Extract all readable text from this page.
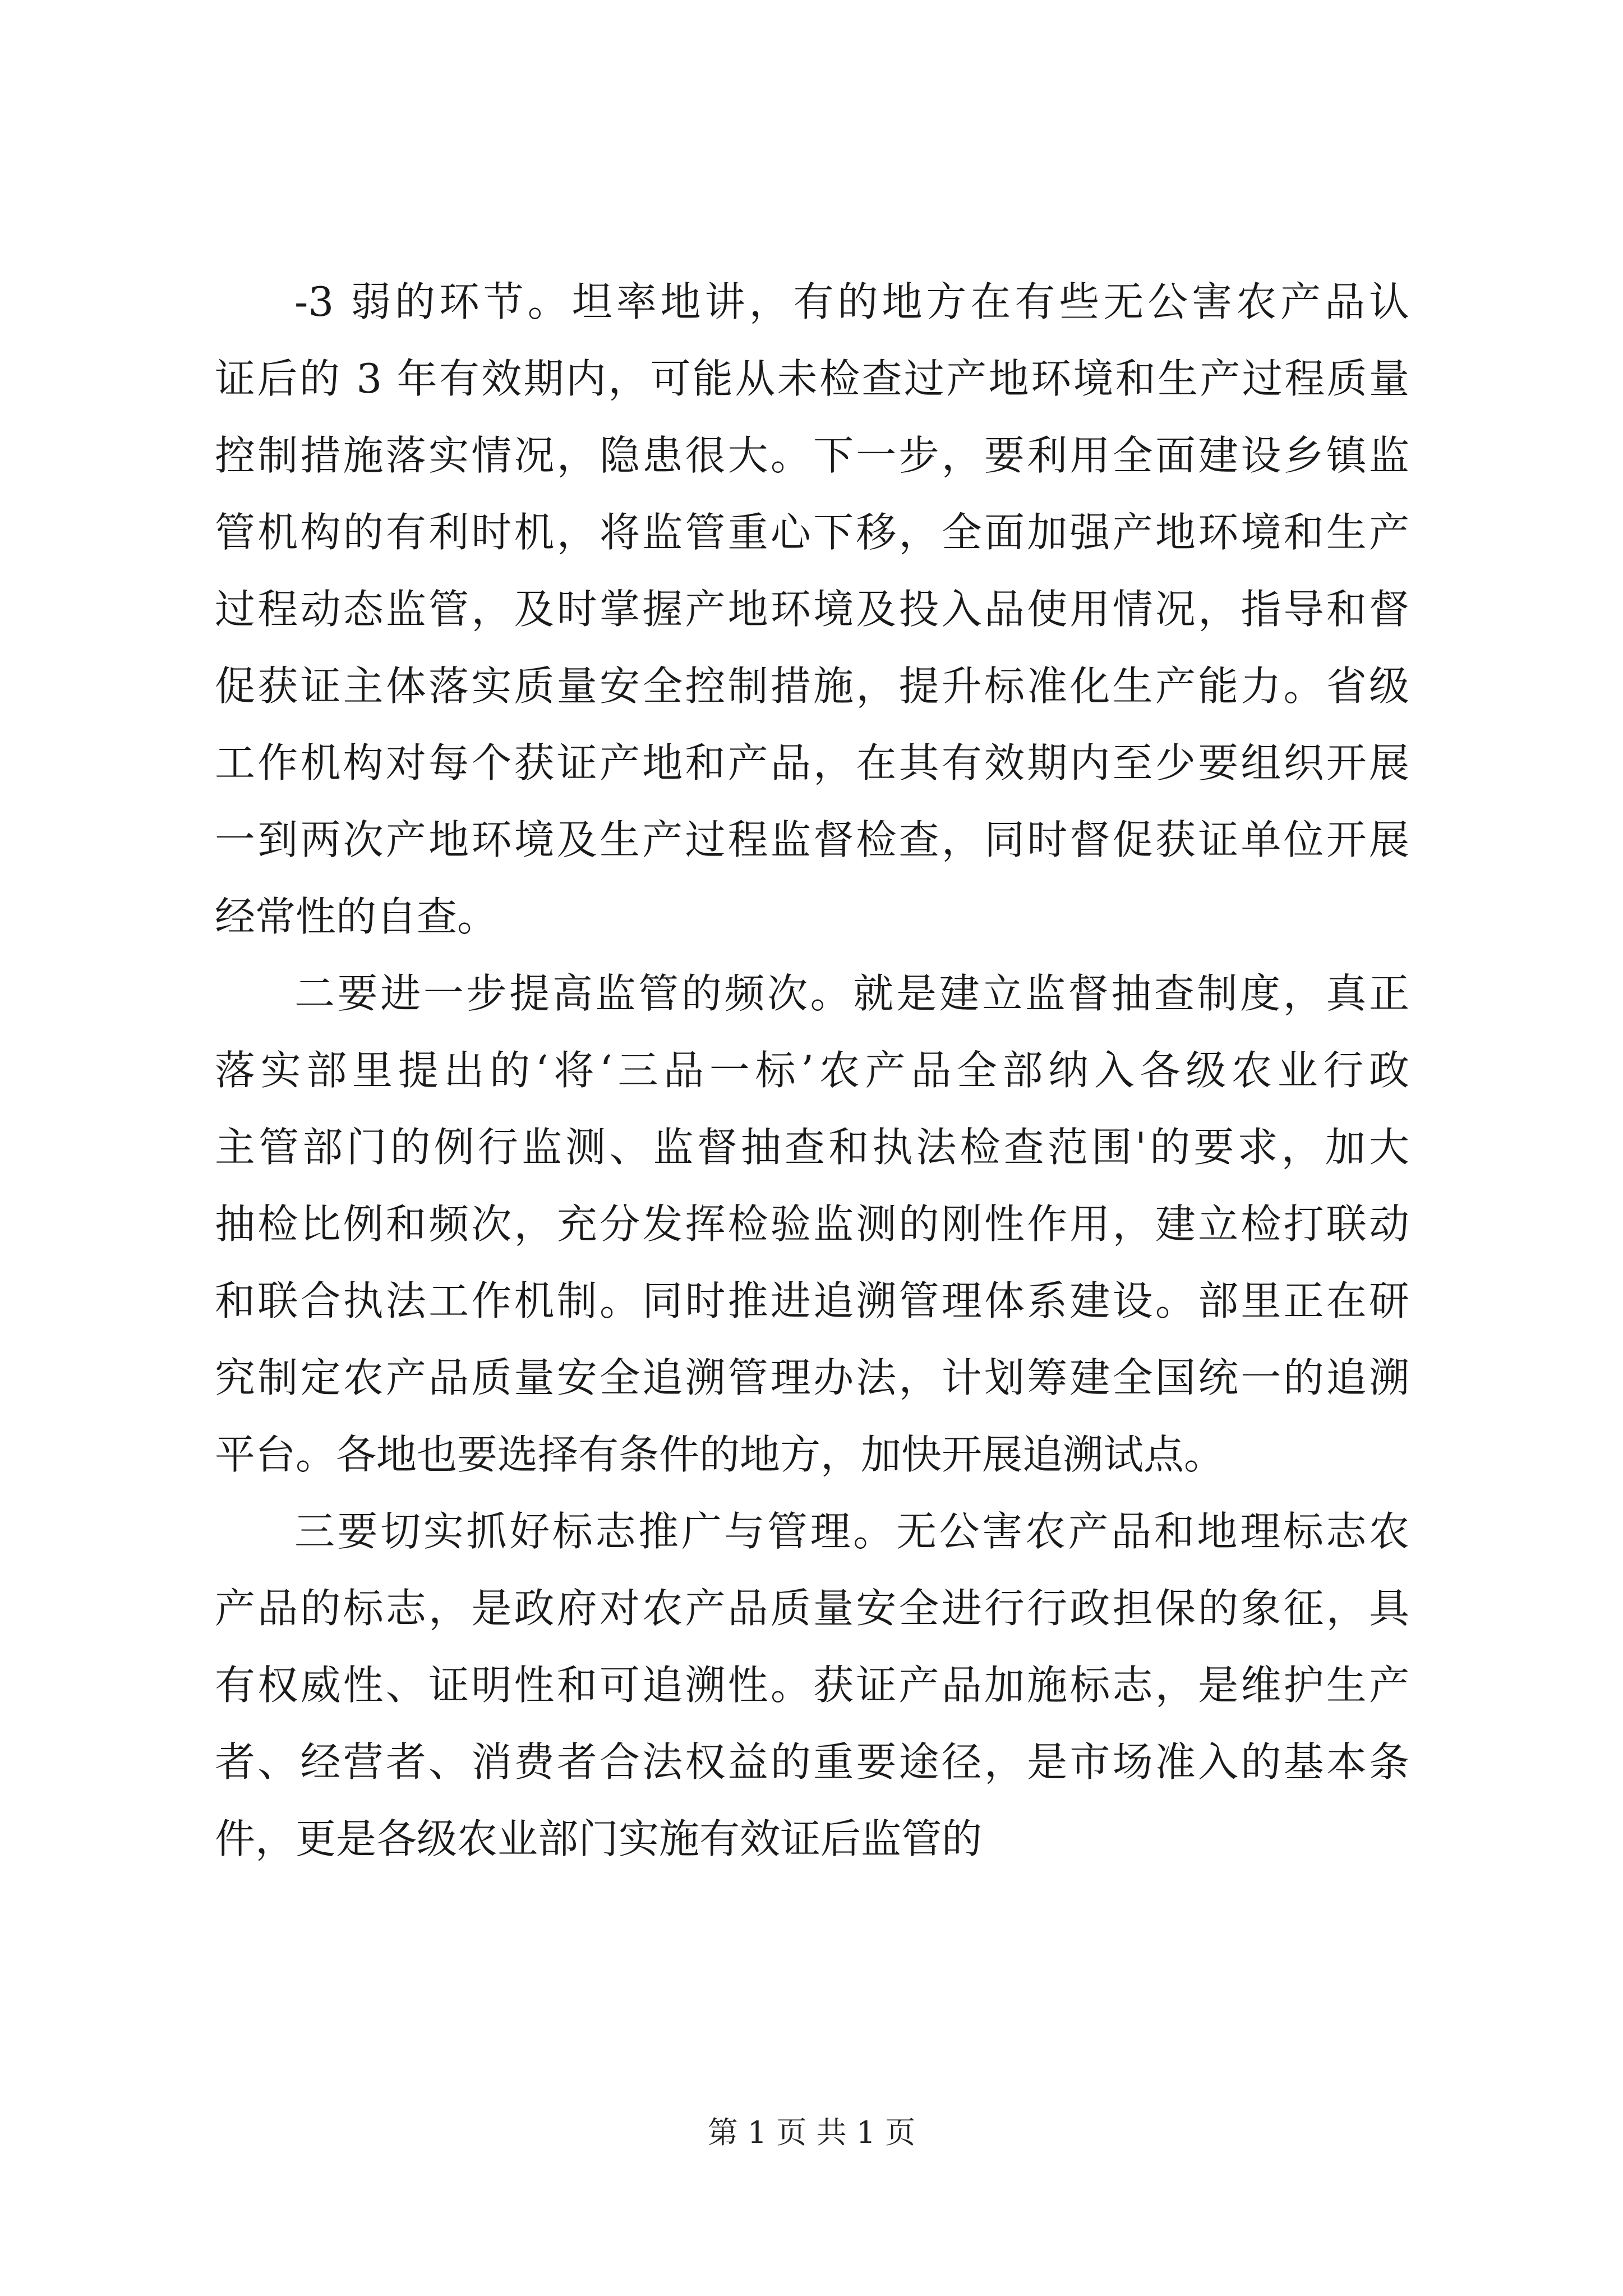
-3 弱的环节。坦率地讲，有的地方在有些无公害农产品认
证后的 3 年有效期内，可能从未检查过产地环境和生产过程质量
控制措施落实情况，隐患很大。下一步，要利用全面建设乡镇监
管机构的有利时机，将监管重心下移，全面加强产地环境和生产
过程动态监管，及时掌握产地环境及投入品使用情况，指导和督
促获证主体落实质量安全控制措施，提升标准化生产能力。省级
工作机构对每个获证产地和产品，在其有效期内至少要组织开展
一到两次产地环境及生产过程监督检查，同时督促获证单位开展
经常性的自查。
二要进一步提高监管的频次。就是建立监督抽查制度，真正
落实部里提出的‘将‘三品一标’农产品全部纳入各级农业行政
主管部门的例行监测、监督抽查和执法检查范围'的要求，加大
抽检比例和频次，充分发挥检验监测的刚性作用，建立检打联动
和联合执法工作机制。同时推进追溯管理体系建设。部里正在研
究制定农产品质量安全追溯管理办法，计划筹建全国统一的追溯
平台。各地也要选择有条件的地方，加快开展追溯试点。
三要切实抓好标志推广与管理。无公害农产品和地理标志农
产品的标志，是政府对农产品质量安全进行行政担保的象征，具
有权威性、证明性和可追溯性。获证产品加施标志，是维护生产
者、经营者、消费者合法权益的重要途径，是市场准入的基本条
件，更是各级农业部门实施有效证后监管的
第 1 页 共 1 页
